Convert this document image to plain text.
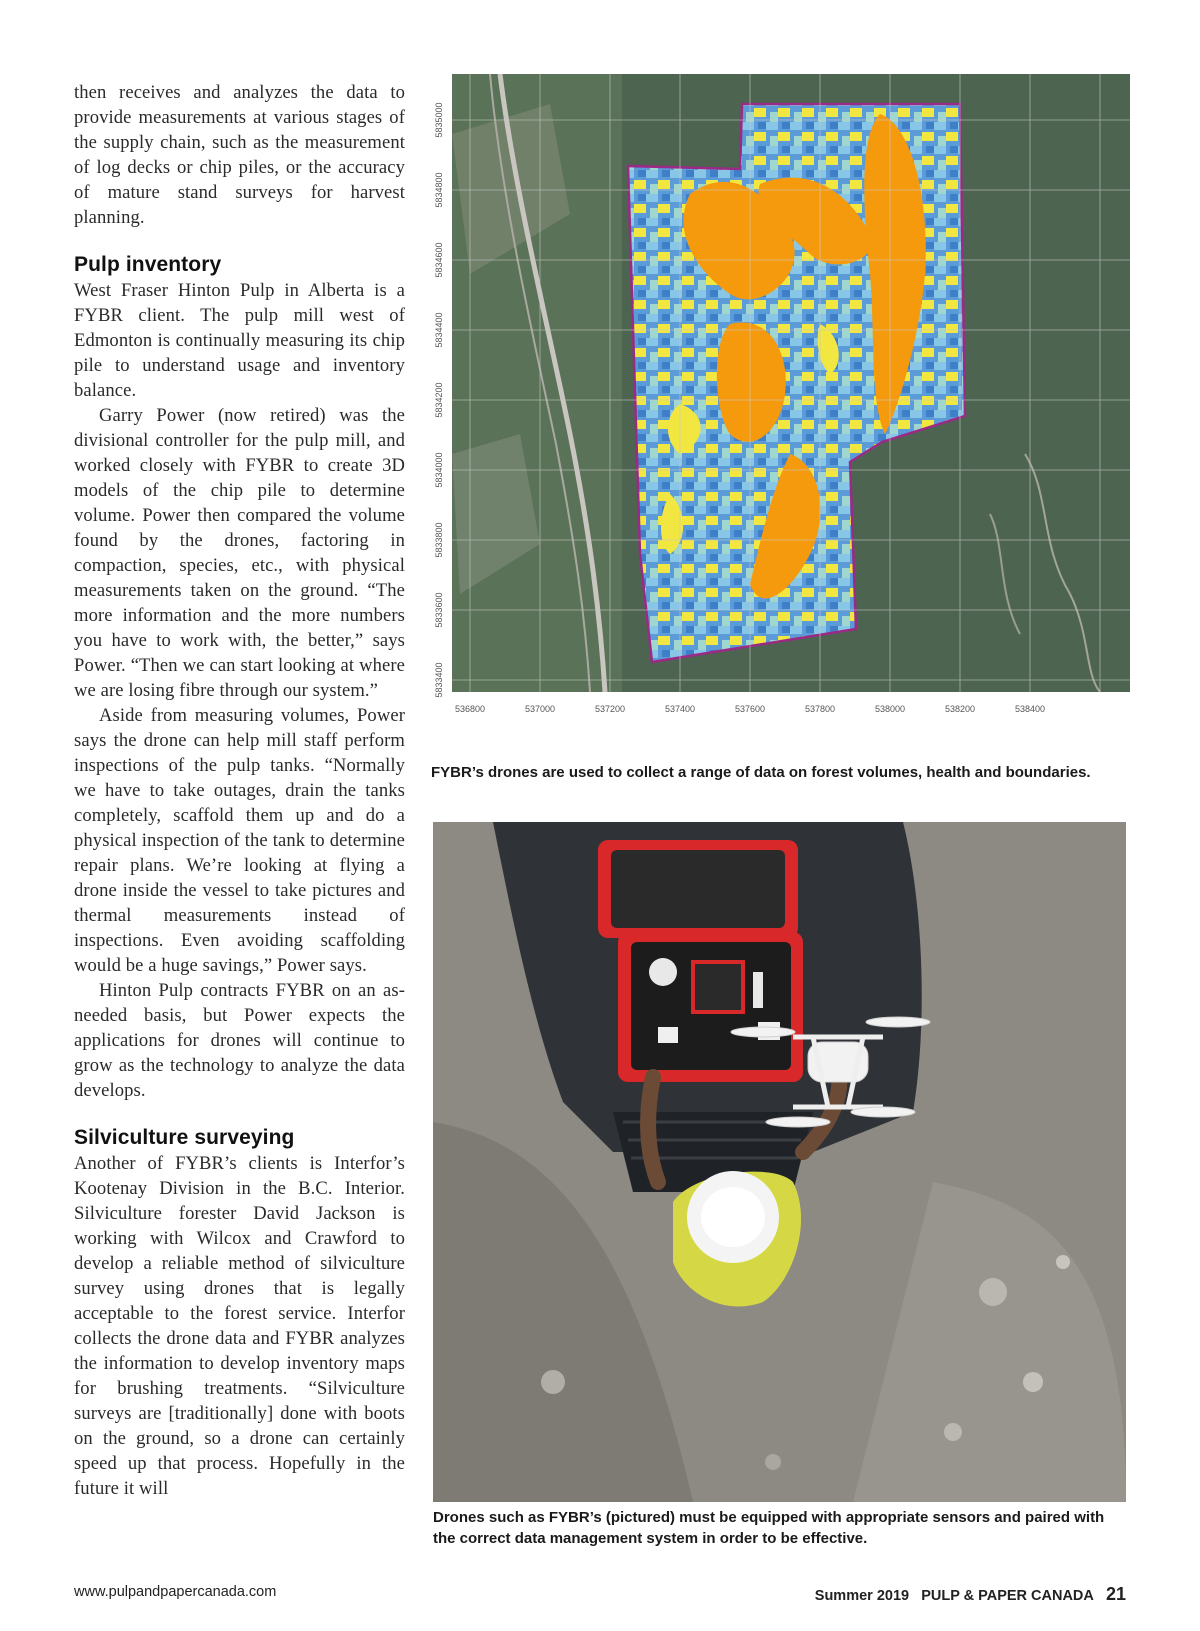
then receives and analyzes the data to provide measurements at various stages of the supply chain, such as the measurement of log decks or chip piles, or the accuracy of mature stand surveys for harvest planning.

Pulp inventory

West Fraser Hinton Pulp in Alberta is a FYBR client. The pulp mill west of Edmonton is continually measuring its chip pile to understand usage and inventory balance.

Garry Power (now retired) was the divisional controller for the pulp mill, and worked closely with FYBR to create 3D models of the chip pile to determine volume. Power then compared the volume found by the drones, factoring in compaction, species, etc., with physical measurements taken on the ground. “The more information and the more numbers you have to work with, the better,” says Power. “Then we can start looking at where we are losing fibre through our system.”

Aside from measuring volumes, Power says the drone can help mill staff perform inspections of the pulp tanks. “Normally we have to take outages, drain the tanks completely, scaffold them up and do a physical inspection of the tank to determine repair plans. We’re looking at flying a drone inside the vessel to take pictures and thermal measurements instead of inspections. Even avoiding scaffolding would be a huge savings,” Power says.

Hinton Pulp contracts FYBR on an as-needed basis, but Power expects the applications for drones will continue to grow as the technology to analyze the data develops.

Silviculture surveying

Another of FYBR’s clients is Interfor’s Kootenay Division in the B.C. Interior. Silviculture forester David Jackson is working with Wilcox and Crawford to develop a reliable method of silviculture survey using drones that is legally acceptable to the forest service. Interfor collects the drone data and FYBR analyzes the information to develop inventory maps for brushing treatments. “Silviculture surveys are [traditionally] done with boots on the ground, so a drone can certainly speed up that process. Hopefully in the future it will

5835000
5834800
5834600
5834400
5834200
5834000
5833800
5833600
5833400
536800	537000	537200	537400	537600	537800	538000	538200	538400
FYBR’s drones are used to collect a range of data on forest volumes, health and boundaries.
Drones such as FYBR’s (pictured) must be equipped with appropriate sensors and paired with the correct data management system in order to be effective.
www.pulpandpapercanada.com	Summer 2019 PULP & PAPER CANADA 21
